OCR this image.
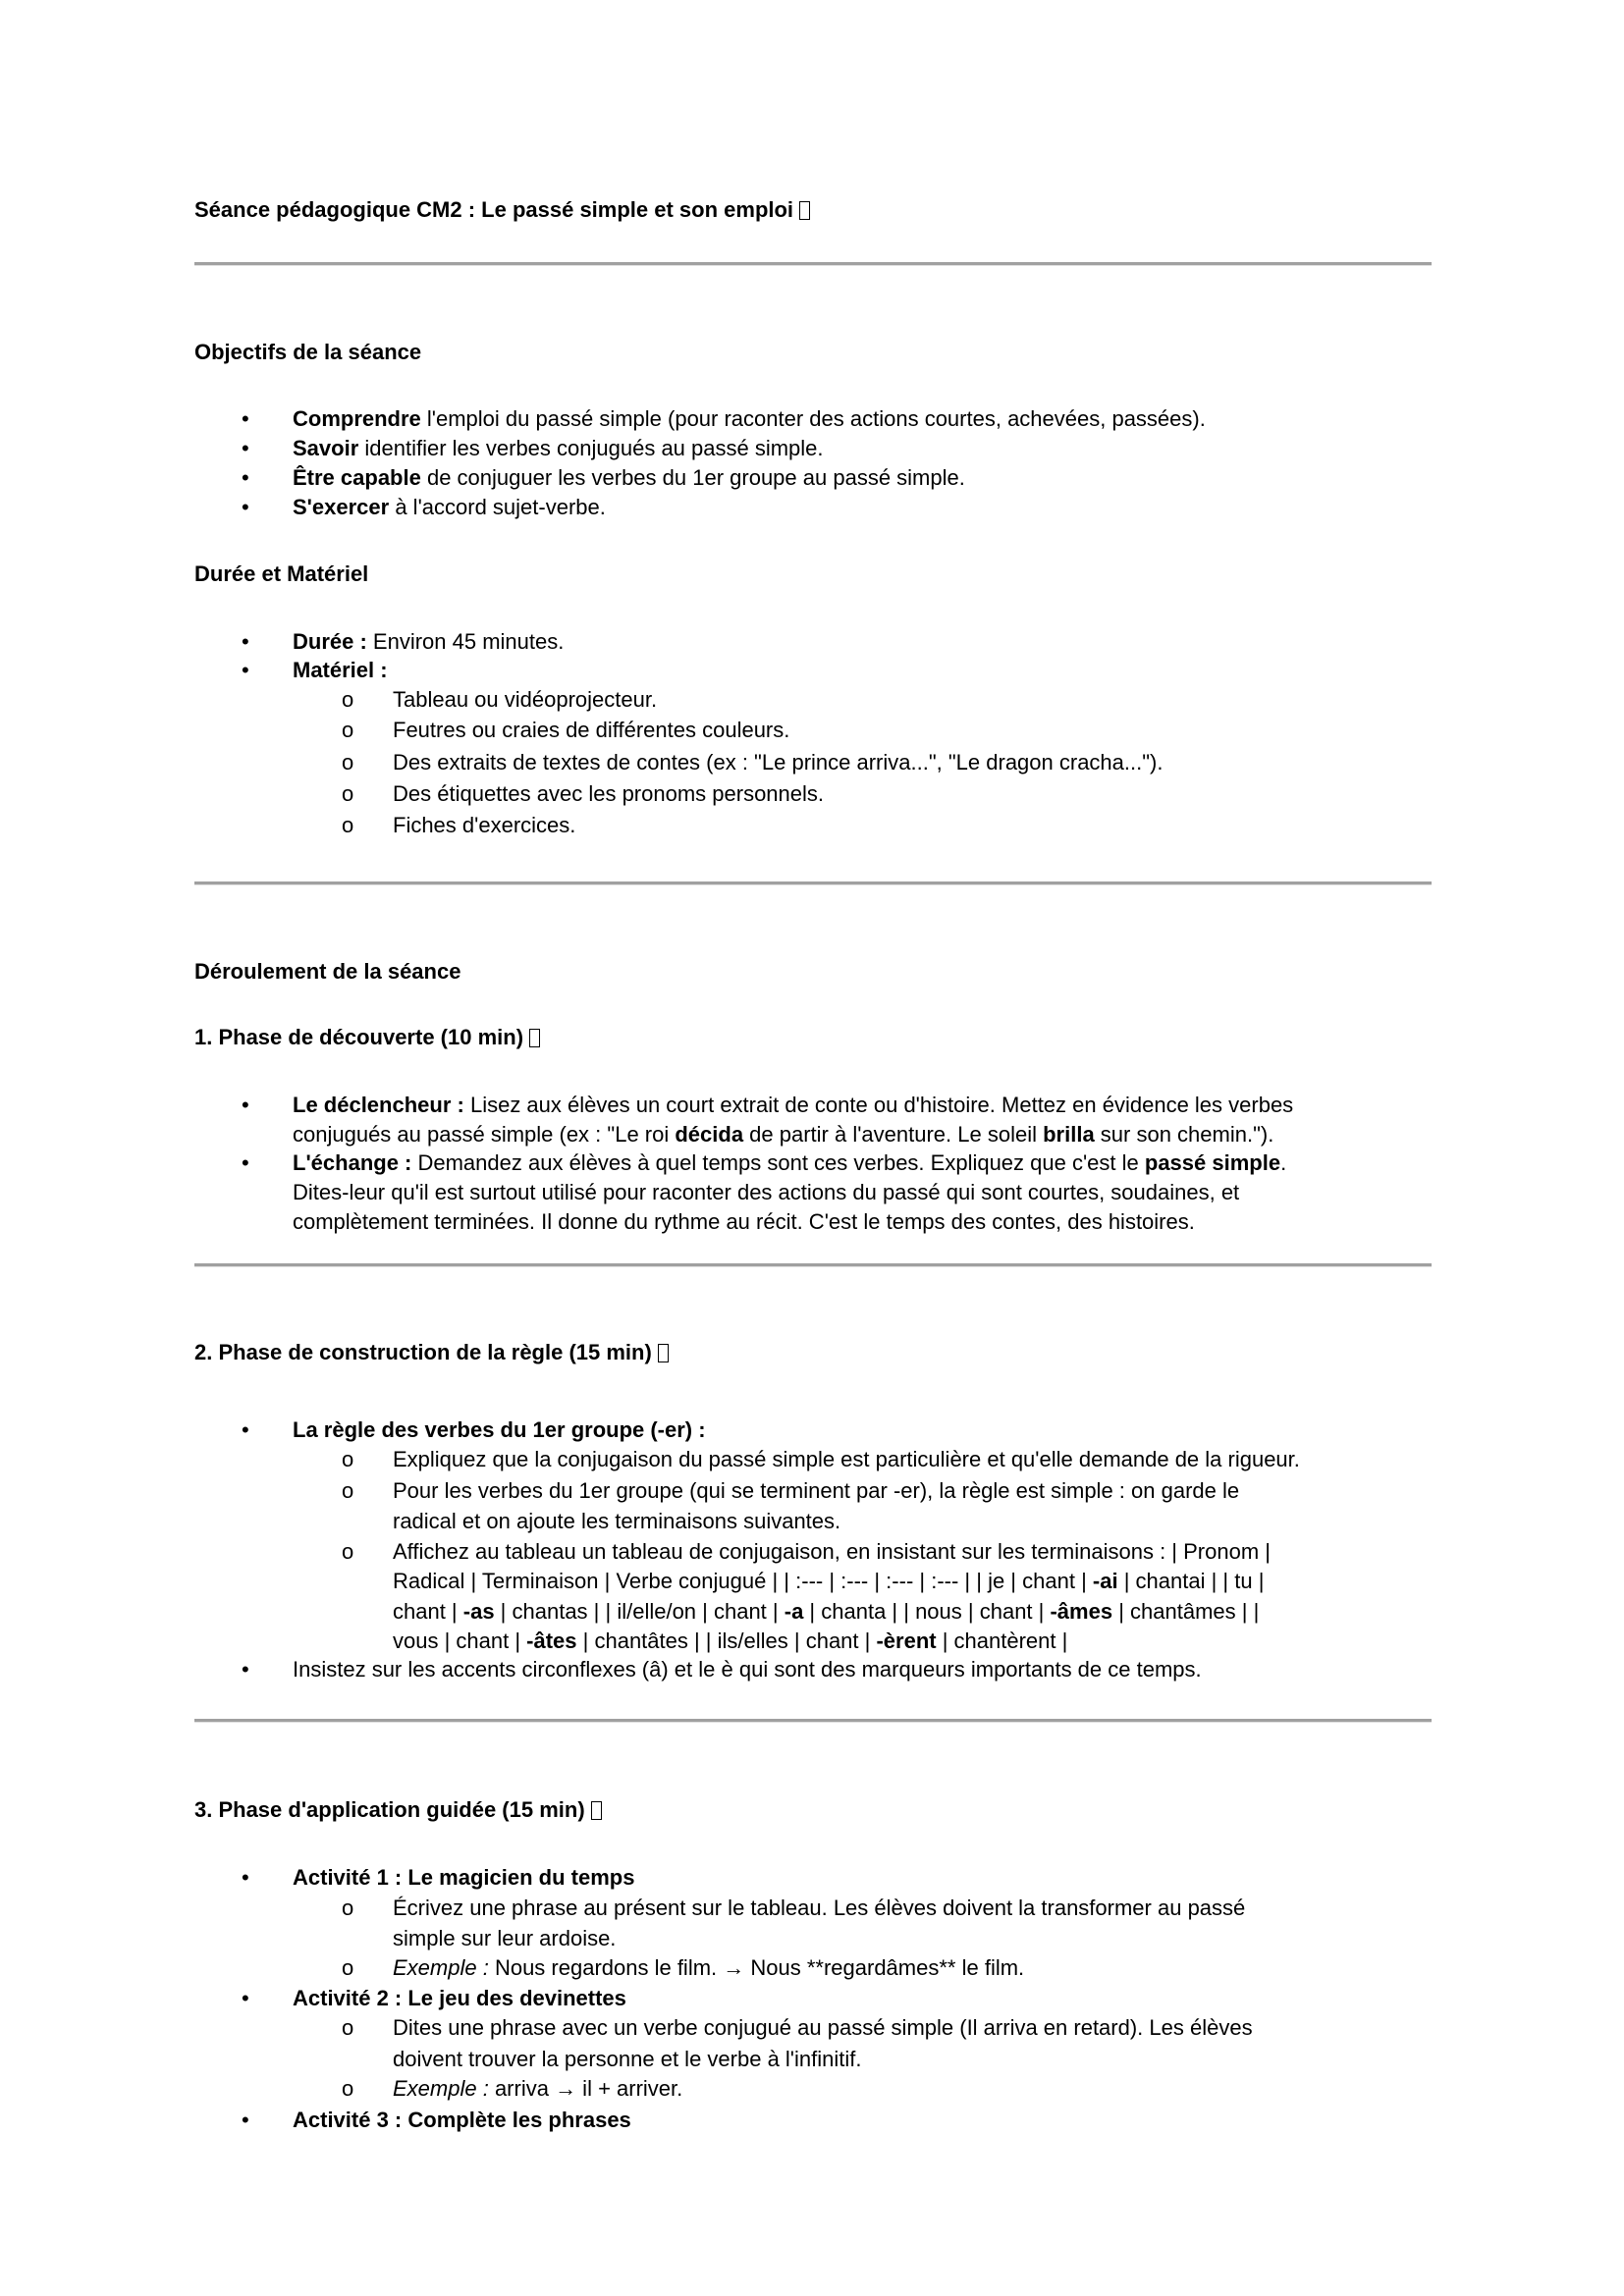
Séance pédagogique CM2 : Le passé simple et son emploi
Objectifs de la séance
• Comprendre l'emploi du passé simple (pour raconter des actions courtes, achevées, passées).
• Savoir identifier les verbes conjugués au passé simple.
• Être capable de conjuguer les verbes du 1er groupe au passé simple.
• S'exercer à l'accord sujet-verbe.
Durée et Matériel
• Durée : Environ 45 minutes.
• Matériel :
o Tableau ou vidéoprojecteur.
o Feutres ou craies de différentes couleurs.
o Des extraits de textes de contes (ex : "Le prince arriva...", "Le dragon cracha...").
o Des étiquettes avec les pronoms personnels.
o Fiches d'exercices.
Déroulement de la séance
1. Phase de découverte (10 min)
• Le déclencheur : Lisez aux élèves un court extrait de conte ou d'histoire. Mettez en évidence les verbes
conjugués au passé simple (ex : "Le roi décida de partir à l'aventure. Le soleil brilla sur son chemin.").
• L'échange : Demandez aux élèves à quel temps sont ces verbes. Expliquez que c'est le passé simple.
Dites-leur qu'il est surtout utilisé pour raconter des actions du passé qui sont courtes, soudaines, et
complètement terminées. Il donne du rythme au récit. C'est le temps des contes, des histoires.
2. Phase de construction de la règle (15 min)
• La règle des verbes du 1er groupe (-er) :
o Expliquez que la conjugaison du passé simple est particulière et qu'elle demande de la rigueur.
o Pour les verbes du 1er groupe (qui se terminent par -er), la règle est simple : on garde le
radical et on ajoute les terminaisons suivantes.
o Affichez au tableau un tableau de conjugaison, en insistant sur les terminaisons : | Pronom |
Radical | Terminaison | Verbe conjugué | | :--- | :--- | :--- | :--- | | je | chant | -ai | chantai | | tu |
chant | -as | chantas | | il/elle/on | chant | -a | chanta | | nous | chant | -âmes | chantâmes | |
vous | chant | -âtes | chantâtes | | ils/elles | chant | -èrent | chantèrent |
• Insistez sur les accents circonflexes (â) et le è qui sont des marqueurs importants de ce temps.
3. Phase d'application guidée (15 min)
• Activité 1 : Le magicien du temps
o Écrivez une phrase au présent sur le tableau. Les élèves doivent la transformer au passé
simple sur leur ardoise.
o Exemple : Nous regardons le film. → Nous **regardâmes** le film.
• Activité 2 : Le jeu des devinettes
o Dites une phrase avec un verbe conjugué au passé simple (Il arriva en retard). Les élèves
doivent trouver la personne et le verbe à l'infinitif.
o Exemple : arriva → il + arriver.
• Activité 3 : Complète les phrases
